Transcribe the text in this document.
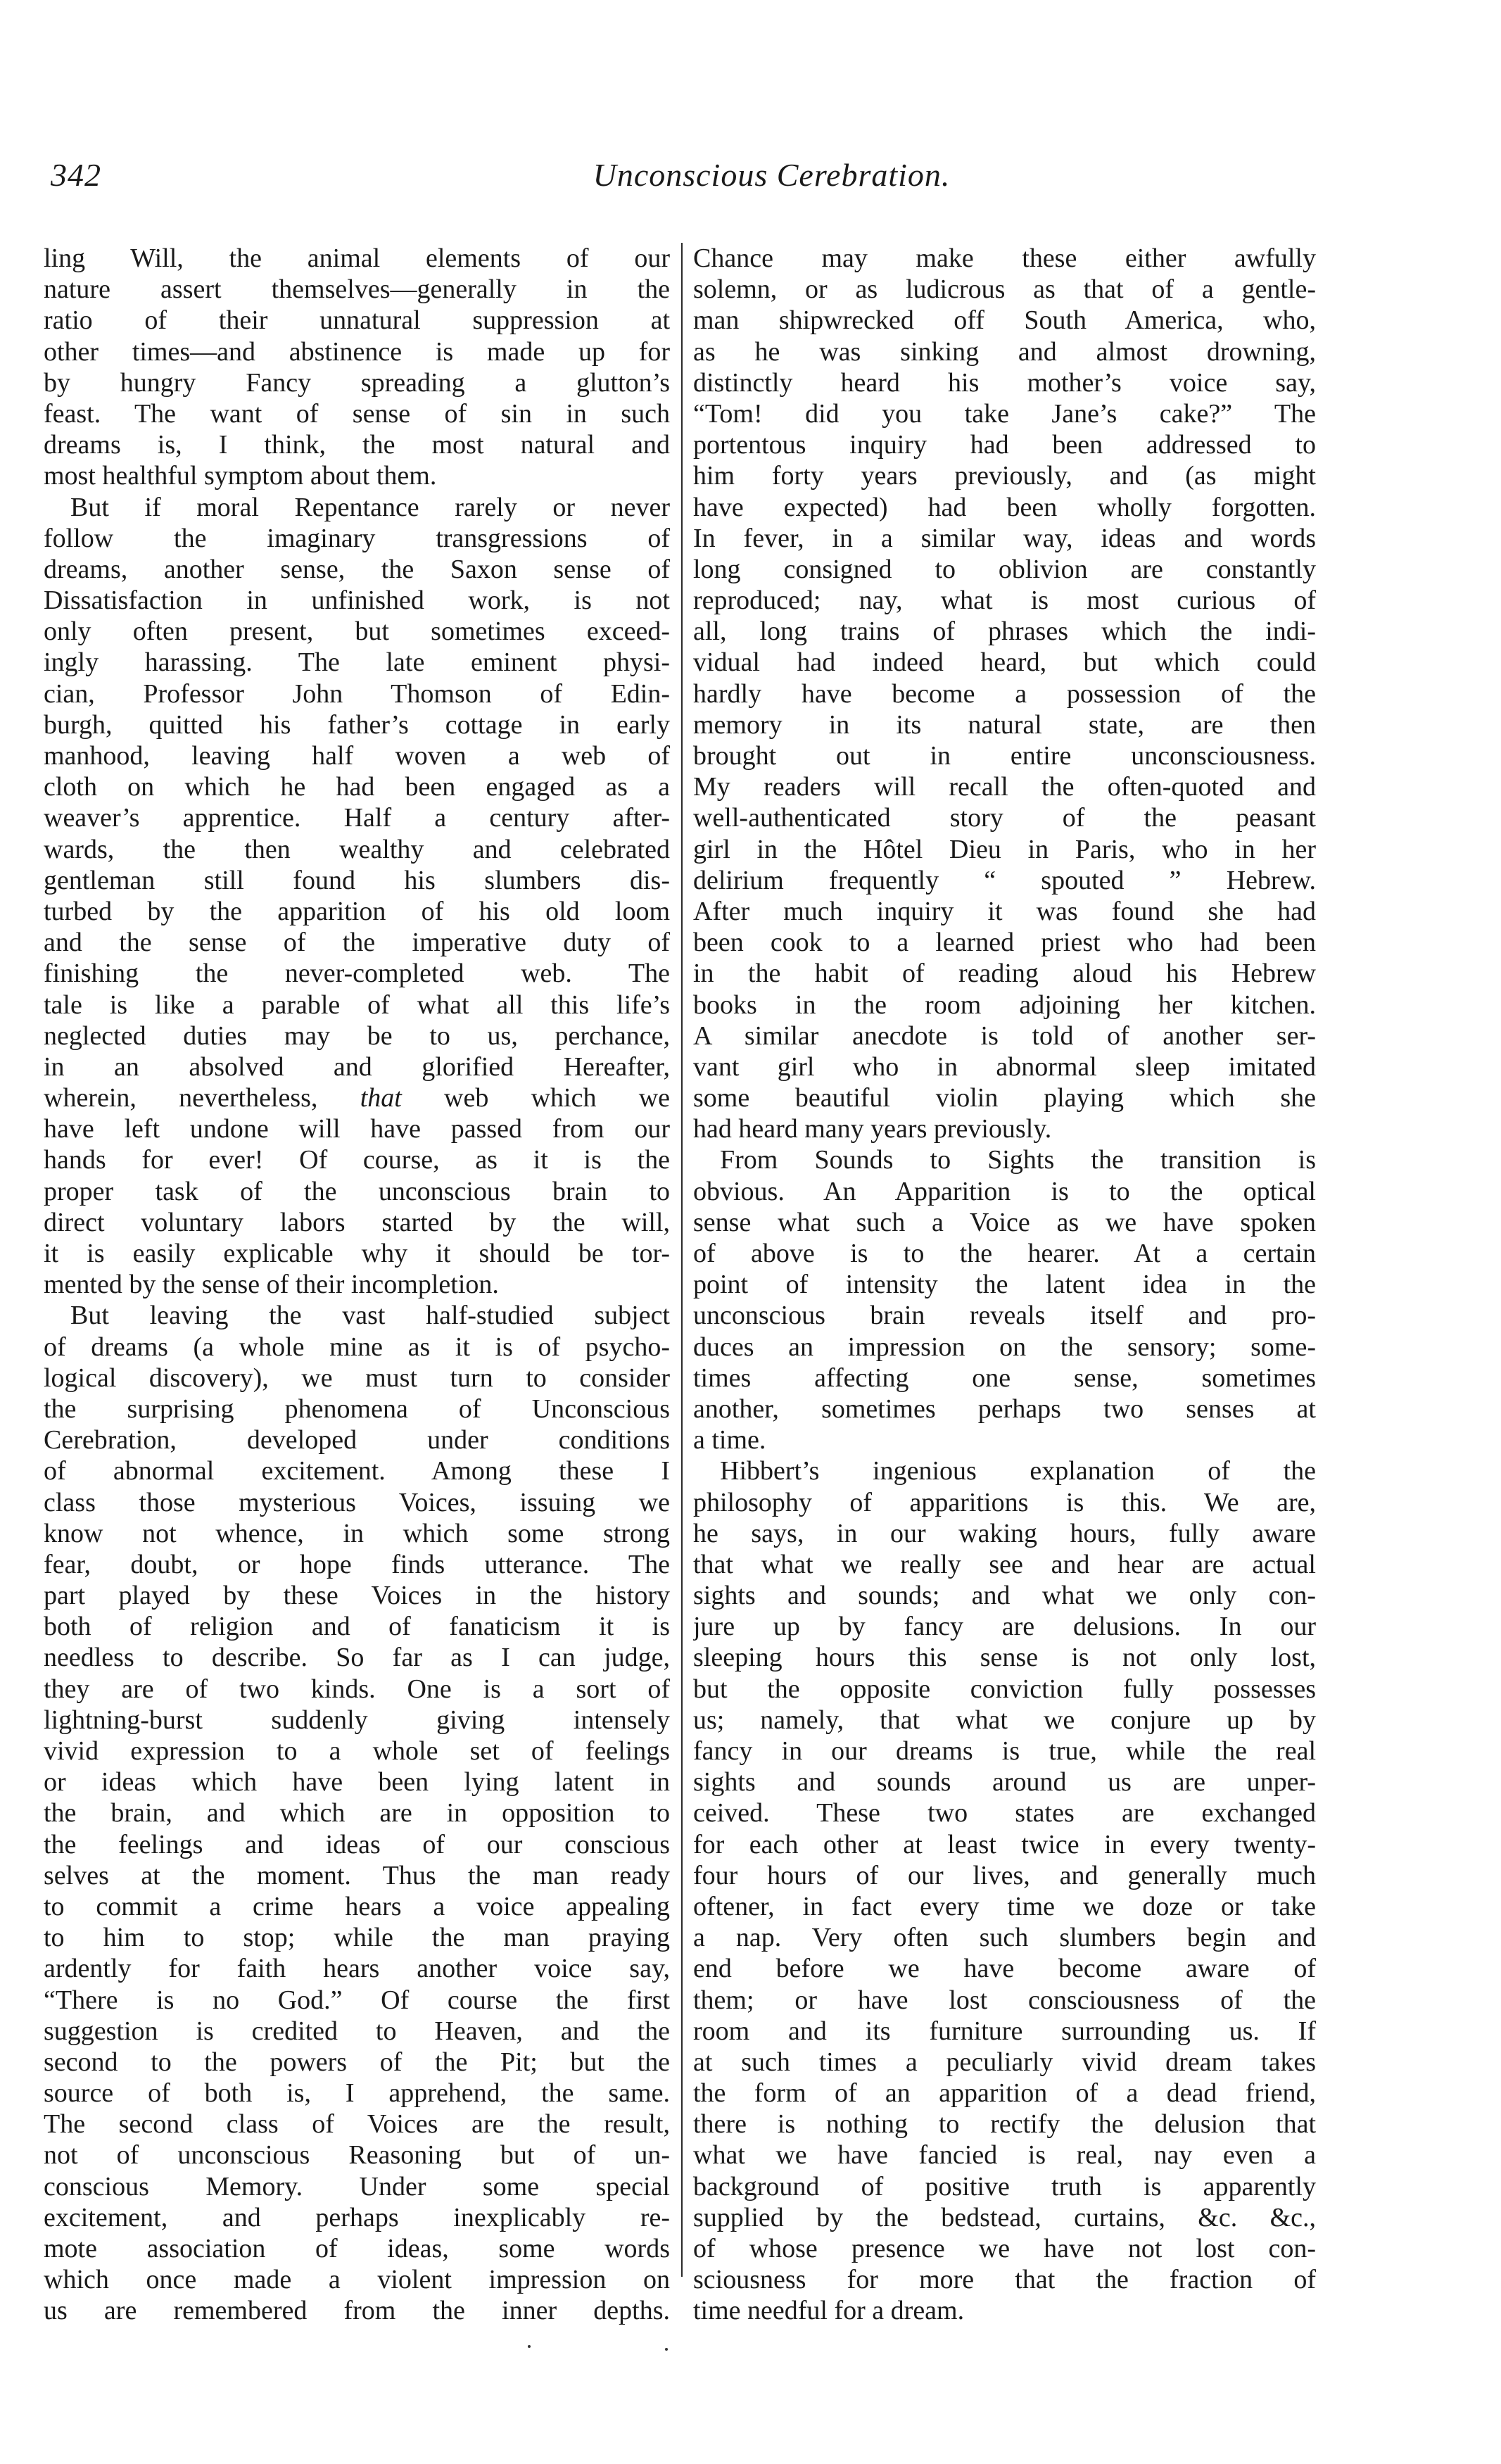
342	Unconscious Cerebration.
ling Will, the animal elements of our
nature assert themselves—generally in the
ratio of their unnatural suppression at
other times—and abstinence is made up for
by hungry Fancy spreading a glutton’s
feast. The want of sense of sin in such
dreams is, I think, the most natural and
most healthful symptom about them.
But if moral Repentance rarely or never
follow the imaginary transgressions of
dreams, another sense, the Saxon sense of
Dissatisfaction in unfinished work, is not
only often present, but sometimes exceed-
ingly harassing. The late eminent physi-
cian, Professor John Thomson of Edin-
burgh, quitted his father’s cottage in early
manhood, leaving half woven a web of
cloth on which he had been engaged as a
weaver’s apprentice. Half a century after-
wards, the then wealthy and celebrated
gentleman still found his slumbers dis-
turbed by the apparition of his old loom
and the sense of the imperative duty of
finishing the never-completed web. The
tale is like a parable of what all this life’s
neglected duties may be to us, perchance,
in an absolved and glorified Hereafter,
wherein, nevertheless, that web which we
have left undone will have passed from our
hands for ever! Of course, as it is the
proper task of the unconscious brain to
direct voluntary labors started by the will,
it is easily explicable why it should be tor-
mented by the sense of their incompletion.
But leaving the vast half-studied subject
of dreams (a whole mine as it is of psycho-
logical discovery), we must turn to consider
the surprising phenomena of Unconscious
Cerebration, developed under conditions
of abnormal excitement. Among these I
class those mysterious Voices, issuing we
know not whence, in which some strong
fear, doubt, or hope finds utterance. The
part played by these Voices in the history
both of religion and of fanaticism it is
needless to describe. So far as I can judge,
they are of two kinds. One is a sort of
lightning-burst suddenly giving intensely
vivid expression to a whole set of feelings
or ideas which have been lying latent in
the brain, and which are in opposition to
the feelings and ideas of our conscious
selves at the moment. Thus the man ready
to commit a crime hears a voice appealing
to him to stop; while the man praying
ardently for faith hears another voice say,
“There is no God.” Of course the first
suggestion is credited to Heaven, and the
second to the powers of the Pit; but the
source of both is, I apprehend, the same.
The second class of Voices are the result,
not of unconscious Reasoning but of un-
conscious Memory. Under some special
excitement, and perhaps inexplicably re-
mote association of ideas, some words
which once made a violent impression on
us are remembered from the inner depths.
Chance may make these either awfully
solemn, or as ludicrous as that of a gentle-
man shipwrecked off South America, who,
as he was sinking and almost drowning,
distinctly heard his mother’s voice say,
“Tom! did you take Jane’s cake?” The
portentous inquiry had been addressed to
him forty years previously, and (as might
have expected) had been wholly forgotten.
In fever, in a similar way, ideas and words
long consigned to oblivion are constantly
reproduced; nay, what is most curious of
all, long trains of phrases which the indi-
vidual had indeed heard, but which could
hardly have become a possession of the
memory in its natural state, are then
brought out in entire unconsciousness.
My readers will recall the often-quoted and
well-authenticated story of the peasant
girl in the Hôtel Dieu in Paris, who in her
delirium frequently “ spouted ” Hebrew.
After much inquiry it was found she had
been cook to a learned priest who had been
in the habit of reading aloud his Hebrew
books in the room adjoining her kitchen.
A similar anecdote is told of another ser-
vant girl who in abnormal sleep imitated
some beautiful violin playing which she
had heard many years previously.
From Sounds to Sights the transition is
obvious. An Apparition is to the optical
sense what such a Voice as we have spoken
of above is to the hearer. At a certain
point of intensity the latent idea in the
unconscious brain reveals itself and pro-
duces an impression on the sensory; some-
times affecting one sense, sometimes
another, sometimes perhaps two senses at
a time.
Hibbert’s ingenious explanation of the
philosophy of apparitions is this. We are,
he says, in our waking hours, fully aware
that what we really see and hear are actual
sights and sounds; and what we only con-
jure up by fancy are delusions. In our
sleeping hours this sense is not only lost,
but the opposite conviction fully possesses
us; namely, that what we conjure up by
fancy in our dreams is true, while the real
sights and sounds around us are unper-
ceived. These two states are exchanged
for each other at least twice in every twenty-
four hours of our lives, and generally much
oftener, in fact every time we doze or take
a nap. Very often such slumbers begin and
end before we have become aware of
them; or have lost consciousness of the
room and its furniture surrounding us. If
at such times a peculiarly vivid dream takes
the form of an apparition of a dead friend,
there is nothing to rectify the delusion that
what we have fancied is real, nay even a
background of positive truth is apparently
supplied by the bedstead, curtains, &c. &c.,
of whose presence we have not lost con-
sciousness for more that the fraction of
time needful for a dream.
